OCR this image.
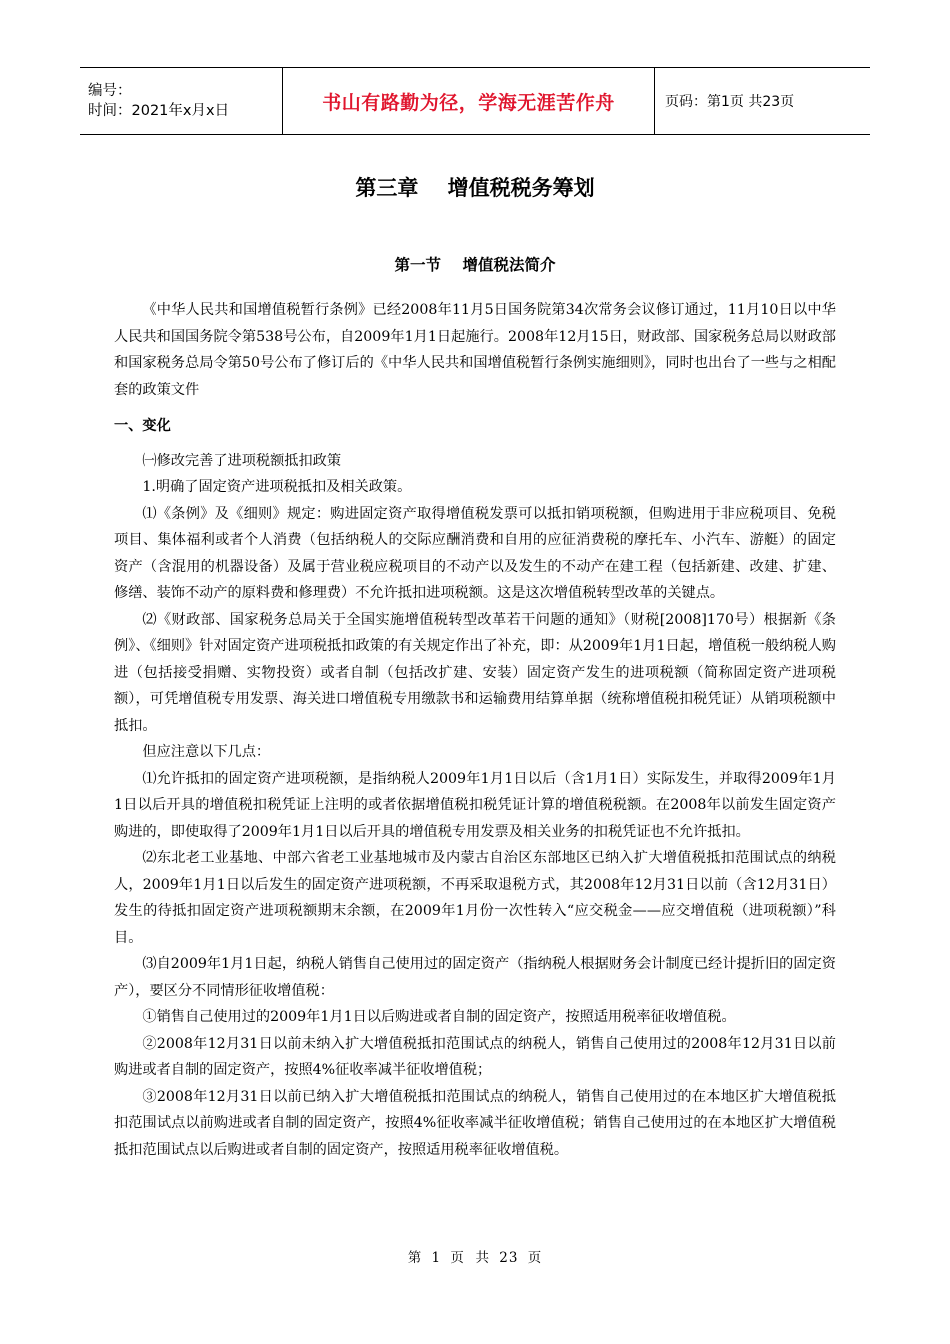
编号：
时间：2021年x月x日	书山有路勤为径，学海无涯苦作舟	页码：第1页 共23页
第三章    增值税税务筹划
第一节    增值税法简介

《中华人民共和国增值税暂行条例》已经2008年11月5日国务院第34次常务会议修订通过，11月10日以中华人民共和国国务院令第538号公布，自2009年1月1日起施行。2008年12月15日，财政部、国家税务总局以财政部和国家税务总局令第50号公布了修订后的《中华人民共和国增值税暂行条例实施细则》，同时也出台了一些与之相配套的政策文件

一、变化

㈠修改完善了进项税额抵扣政策

1.明确了固定资产进项税抵扣及相关政策。

⑴《条例》及《细则》规定：购进固定资产取得增值税发票可以抵扣销项税额，但购进用于非应税项目、免税项目、集体福利或者个人消费（包括纳税人的交际应酬消费和自用的应征消费税的摩托车、小汽车、游艇）的固定资产（含混用的机器设备）及属于营业税应税项目的不动产以及发生的不动产在建工程（包括新建、改建、扩建、修缮、装饰不动产的原料费和修理费）不允许抵扣进项税额。这是这次增值税转型改革的关键点。

⑵《财政部、国家税务总局关于全国实施增值税转型改革若干问题的通知》（财税[2008]170号）根据新《条例》、《细则》针对固定资产进项税抵扣政策的有关规定作出了补充，即：从2009年1月1日起，增值税一般纳税人购进（包括接受捐赠、实物投资）或者自制（包括改扩建、安装）固定资产发生的进项税额（简称固定资产进项税额），可凭增值税专用发票、海关进口增值税专用缴款书和运输费用结算单据（统称增值税扣税凭证）从销项税额中抵扣。

但应注意以下几点：

⑴允许抵扣的固定资产进项税额，是指纳税人2009年1月1日以后（含1月1日）实际发生，并取得2009年1月1日以后开具的增值税扣税凭证上注明的或者依据增值税扣税凭证计算的增值税税额。在2008年以前发生固定资产购进的，即使取得了2009年1月1日以后开具的增值税专用发票及相关业务的扣税凭证也不允许抵扣。

⑵东北老工业基地、中部六省老工业基地城市及内蒙古自治区东部地区已纳入扩大增值税抵扣范围试点的纳税人，2009年1月1日以后发生的固定资产进项税额，不再采取退税方式，其2008年12月31日以前（含12月31日）发生的待抵扣固定资产进项税额期末余额，在2009年1月份一次性转入“应交税金——应交增值税（进项税额）”科目。

⑶自2009年1月1日起，纳税人销售自己使用过的固定资产（指纳税人根据财务会计制度已经计提折旧的固定资产），要区分不同情形征收增值税：

①销售自己使用过的2009年1月1日以后购进或者自制的固定资产，按照适用税率征收增值税。

②2008年12月31日以前未纳入扩大增值税抵扣范围试点的纳税人，销售自己使用过的2008年12月31日以前购进或者自制的固定资产，按照4%征收率减半征收增值税；

③2008年12月31日以前已纳入扩大增值税抵扣范围试点的纳税人，销售自己使用过的在本地区扩大增值税抵扣范围试点以前购进或者自制的固定资产，按照4%征收率减半征收增值税；销售自己使用过的在本地区扩大增值税抵扣范围试点以后购进或者自制的固定资产，按照适用税率征收增值税。

第 1 页  共 23 页
